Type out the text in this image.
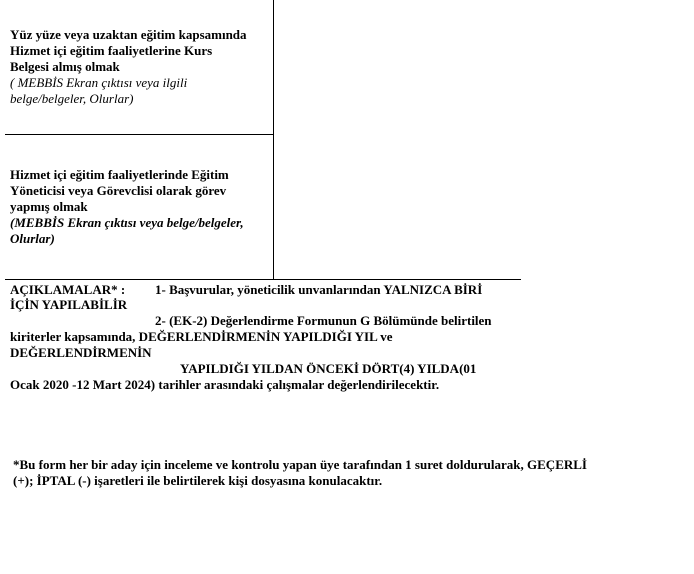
Yüz yüze veya uzaktan eğitim kapsamında
Hizmet içi eğitim faaliyetlerine Kurs
Belgesi almış olmak
( MEBBİS Ekran çıktısı veya ilgili
belge/belgeler, Olurlar)
Hizmet içi eğitim faaliyetlerinde Eğitim
Yöneticisi veya Görevclisi olarak görev
yapmış olmak
(MEBBİS Ekran çıktısı veya belge/belgeler,
Olurlar)
AÇIKLAMALAR* : 1- Başvurular, yöneticilik unvanlarından YALNIZCA BİRİ
İÇİN YAPILABİLİR
2- (EK-2) Değerlendirme Formunun G Bölümünde belirtilen
kiriterler kapsamında, DEĞERLENDİRMENİN YAPILDIĞI YIL ve
DEĞERLENDİRMENİN
YAPILDIĞI YILDAN ÖNCEKİ DÖRT(4) YILDA(01
Ocak 2020 -12 Mart 2024) tarihler arasındaki çalışmalar değerlendirilecektir.
*Bu form her bir aday için inceleme ve kontrolu yapan üye tarafından 1 suret doldurularak, GEÇERLİ
(+); İPTAL (-) işaretleri ile belirtilerek kişi dosyasına konulacaktır.
